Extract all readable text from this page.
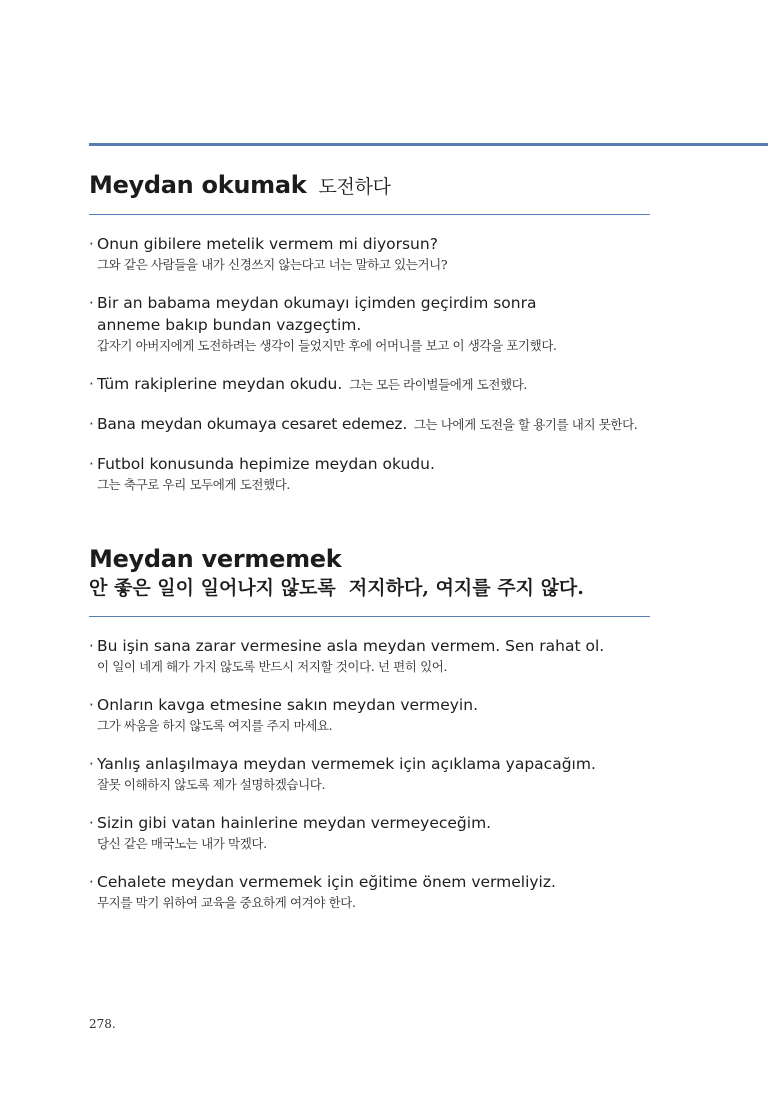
Meydan okumak 도전하다
· Onun gibilere metelik vermem mi diyorsun?
그와 같은 사람들을 내가 신경쓰지 않는다고 너는 말하고 있는거니?
· Bir an babama meydan okumayı içimden geçirdim sonra
anneme bakıp bundan vazgeçtim.
갑자기 아버지에게 도전하려는 생각이 들었지만 후에 어머니를 보고 이 생각을 포기했다.
· Tüm rakiplerine meydan okudu. 그는 모든 라이벌들에게 도전했다.
· Bana meydan okumaya cesaret edemez. 그는 나에게 도전을 할 용기를 내지 못한다.
· Futbol konusunda hepimize meydan okudu.
그는 축구로 우리 모두에게 도전했다.
Meydan vermemek
안 좋은 일이 일어나지 않도록  저지하다, 여지를 주지 않다.
· Bu işin sana zarar vermesine asla meydan vermem. Sen rahat ol.
이 일이 네게 해가 가지 않도록 반드시 저지할 것이다. 넌 편히 있어.
· Onların kavga etmesine sakın meydan vermeyin.
그가 싸움을 하지 않도록 여지를 주지 마세요.
· Yanlış anlaşılmaya meydan vermemek için açıklama yapacağım.
잘못 이해하지 않도록 제가 설명하겠습니다.
· Sizin gibi vatan hainlerine meydan vermeyeceğim.
당신 같은 매국노는 내가 막겠다.
· Cehalete meydan vermemek için eğitime önem vermeliyiz.
무지를 막기 위하여 교육을 중요하게 여겨야 한다.
278.
